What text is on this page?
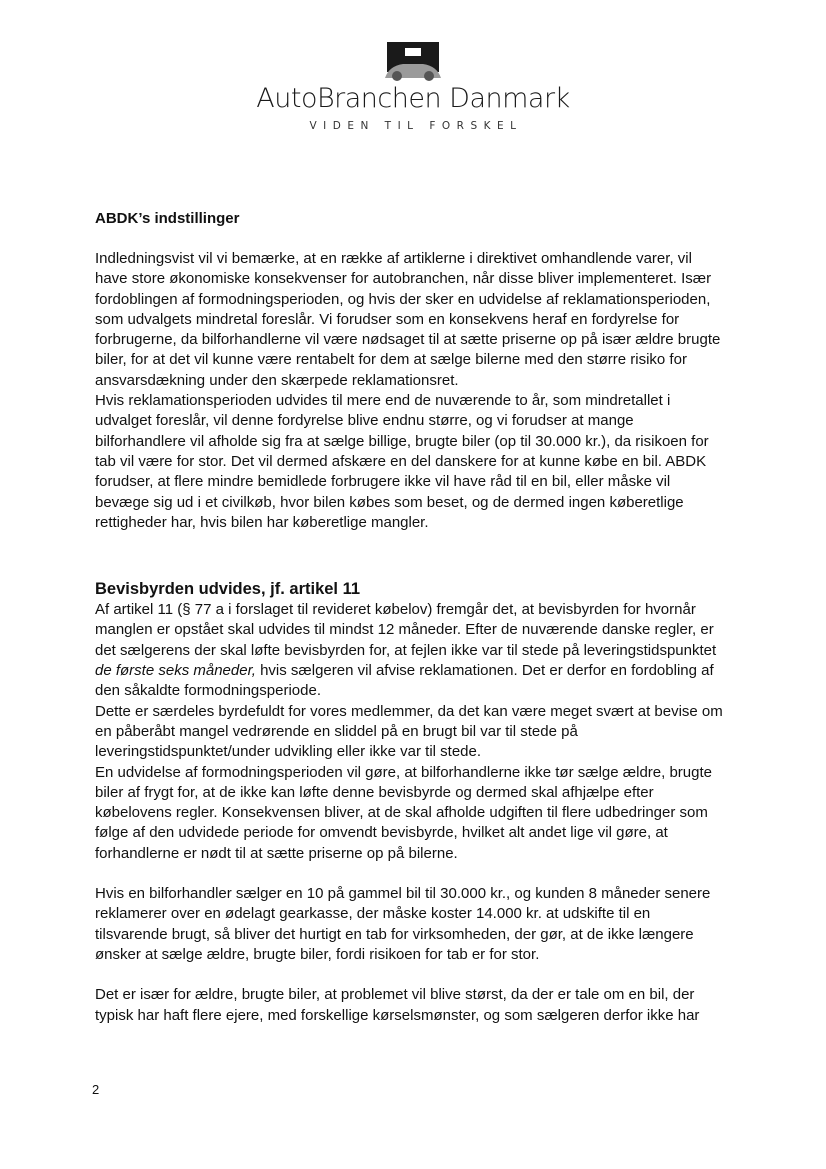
AutoBranchen Danmark
VIDEN TIL FORSKEL
ABDK’s indstillinger

Indledningsvist vil vi bemærke, at en række af artiklerne i direktivet omhandlende varer, vil have store økonomiske konsekvenser for autobranchen, når disse bliver implementeret. Især fordoblingen af formodningsperioden, og hvis der sker en udvidelse af reklamationsperioden, som udvalgets mindretal foreslår. Vi forudser som en konsekvens heraf en fordyrelse for forbrugerne, da bilforhandlerne vil være nødsaget til at sætte priserne op på især ældre brugte biler, for at det vil kunne være rentabelt for dem at sælge bilerne med den større risiko for ansvarsdækning under den skærpede reklamationsret.

Hvis reklamationsperioden udvides til mere end de nuværende to år, som mindretallet i udvalget foreslår, vil denne fordyrelse blive endnu større, og vi forudser at mange bilforhandlere vil afholde sig fra at sælge billige, brugte biler (op til 30.000 kr.), da risikoen for tab vil være for stor. Det vil dermed afskære en del danskere for at kunne købe en bil. ABDK forudser, at flere mindre bemidlede forbrugere ikke vil have råd til en bil, eller måske vil bevæge sig ud i et civilkøb, hvor bilen købes som beset, og de dermed ingen køberetlige rettigheder har, hvis bilen har køberetlige mangler.

Bevisbyrden udvides, jf. artikel 11

Af artikel 11 (§ 77 a i forslaget til revideret købelov) fremgår det, at bevisbyrden for hvornår manglen er opstået skal udvides til mindst 12 måneder. Efter de nuværende danske regler, er det sælgerens der skal løfte bevisbyrden for, at fejlen ikke var til stede på leveringstidspunktet de første seks måneder, hvis sælgeren vil afvise reklamationen. Det er derfor en fordobling af den såkaldte formodningsperiode.

Dette er særdeles byrdefuldt for vores medlemmer, da det kan være meget svært at bevise om en påberåbt mangel vedrørende en sliddel på en brugt bil var til stede på leveringstidspunktet/under udvikling eller ikke var til stede.

En udvidelse af formodningsperioden vil gøre, at bilforhandlerne ikke tør sælge ældre, brugte biler af frygt for, at de ikke kan løfte denne bevisbyrde og dermed skal afhjælpe efter købelovens regler. Konsekvensen bliver, at de skal afholde udgiften til flere udbedringer som følge af den udvidede periode for omvendt bevisbyrde, hvilket alt andet lige vil gøre, at forhandlerne er nødt til at sætte priserne op på bilerne.

Hvis en bilforhandler sælger en 10 på gammel bil til 30.000 kr., og kunden 8 måneder senere reklamerer over en ødelagt gearkasse, der måske koster 14.000 kr. at udskifte til en tilsvarende brugt, så bliver det hurtigt en tab for virksomheden, der gør, at de ikke længere ønsker at sælge ældre, brugte biler, fordi risikoen for tab er for stor.

Det er især for ældre, brugte biler, at problemet vil blive størst, da der er tale om en bil, der typisk har haft flere ejere, med forskellige kørselsmønster, og som sælgeren derfor ikke har

2
